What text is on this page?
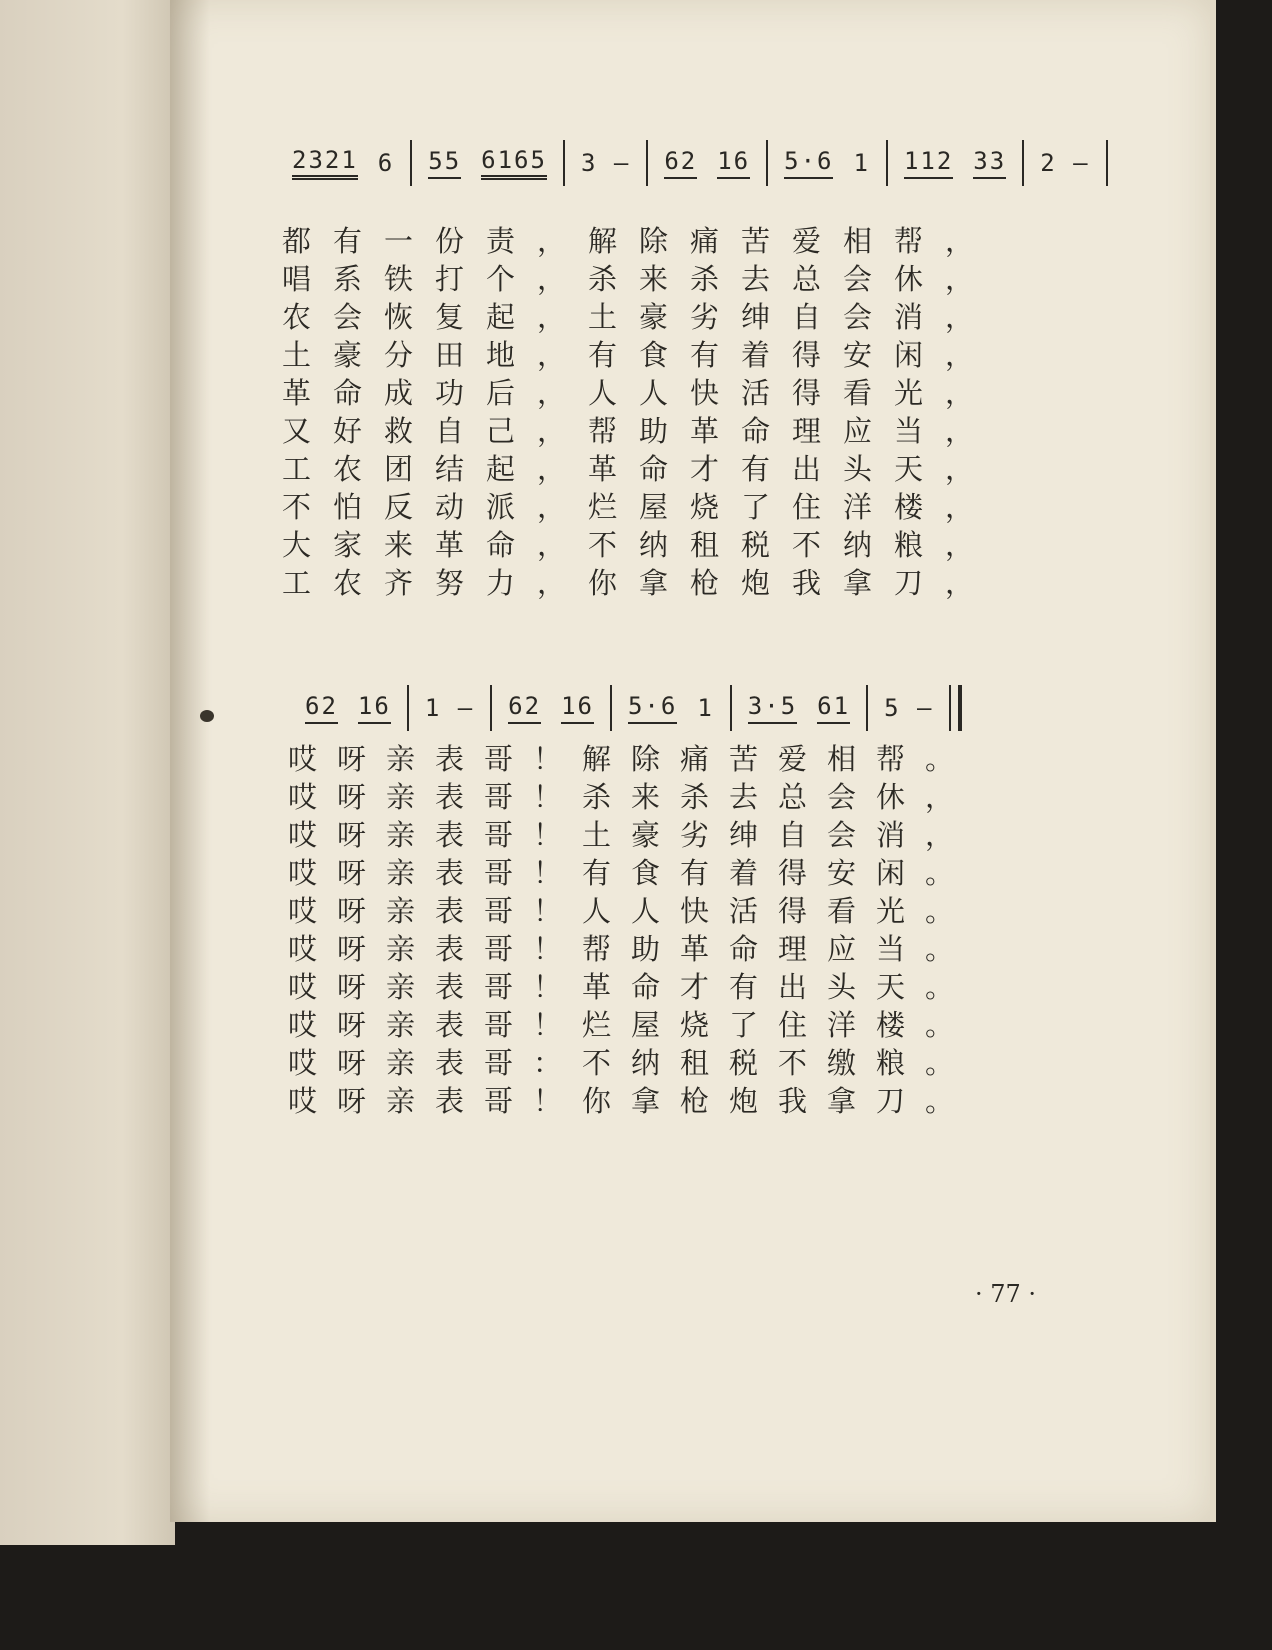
2321 6 55 6165 3 — 62 16 5·6 1 112 33 2 —
都有一份责，解除痛苦爱相帮，
唱系铁打个，杀来杀去总会休，
农会恢复起，土豪劣绅自会消，
土豪分田地，有食有着得安闲，
革命成功后，人人快活得看光，
又好救自己，帮助革命理应当，
工农团结起，革命才有出头天，
不怕反动派，烂屋烧了住洋楼，
大家来革命，不纳租税不纳粮，
工农齐努力，你拿枪炮我拿刀，
62 16 1 — 62 16 5·6 1 3·5 61 5 —
哎呀亲表哥！解除痛苦爱相帮。
哎呀亲表哥！杀来杀去总会休，
哎呀亲表哥！土豪劣绅自会消，
哎呀亲表哥！有食有着得安闲。
哎呀亲表哥！人人快活得看光。
哎呀亲表哥！帮助革命理应当。
哎呀亲表哥！革命才有出头天。
哎呀亲表哥！烂屋烧了住洋楼。
哎呀亲表哥：不纳租税不缴粮。
哎呀亲表哥！你拿枪炮我拿刀。
· 77 ·
